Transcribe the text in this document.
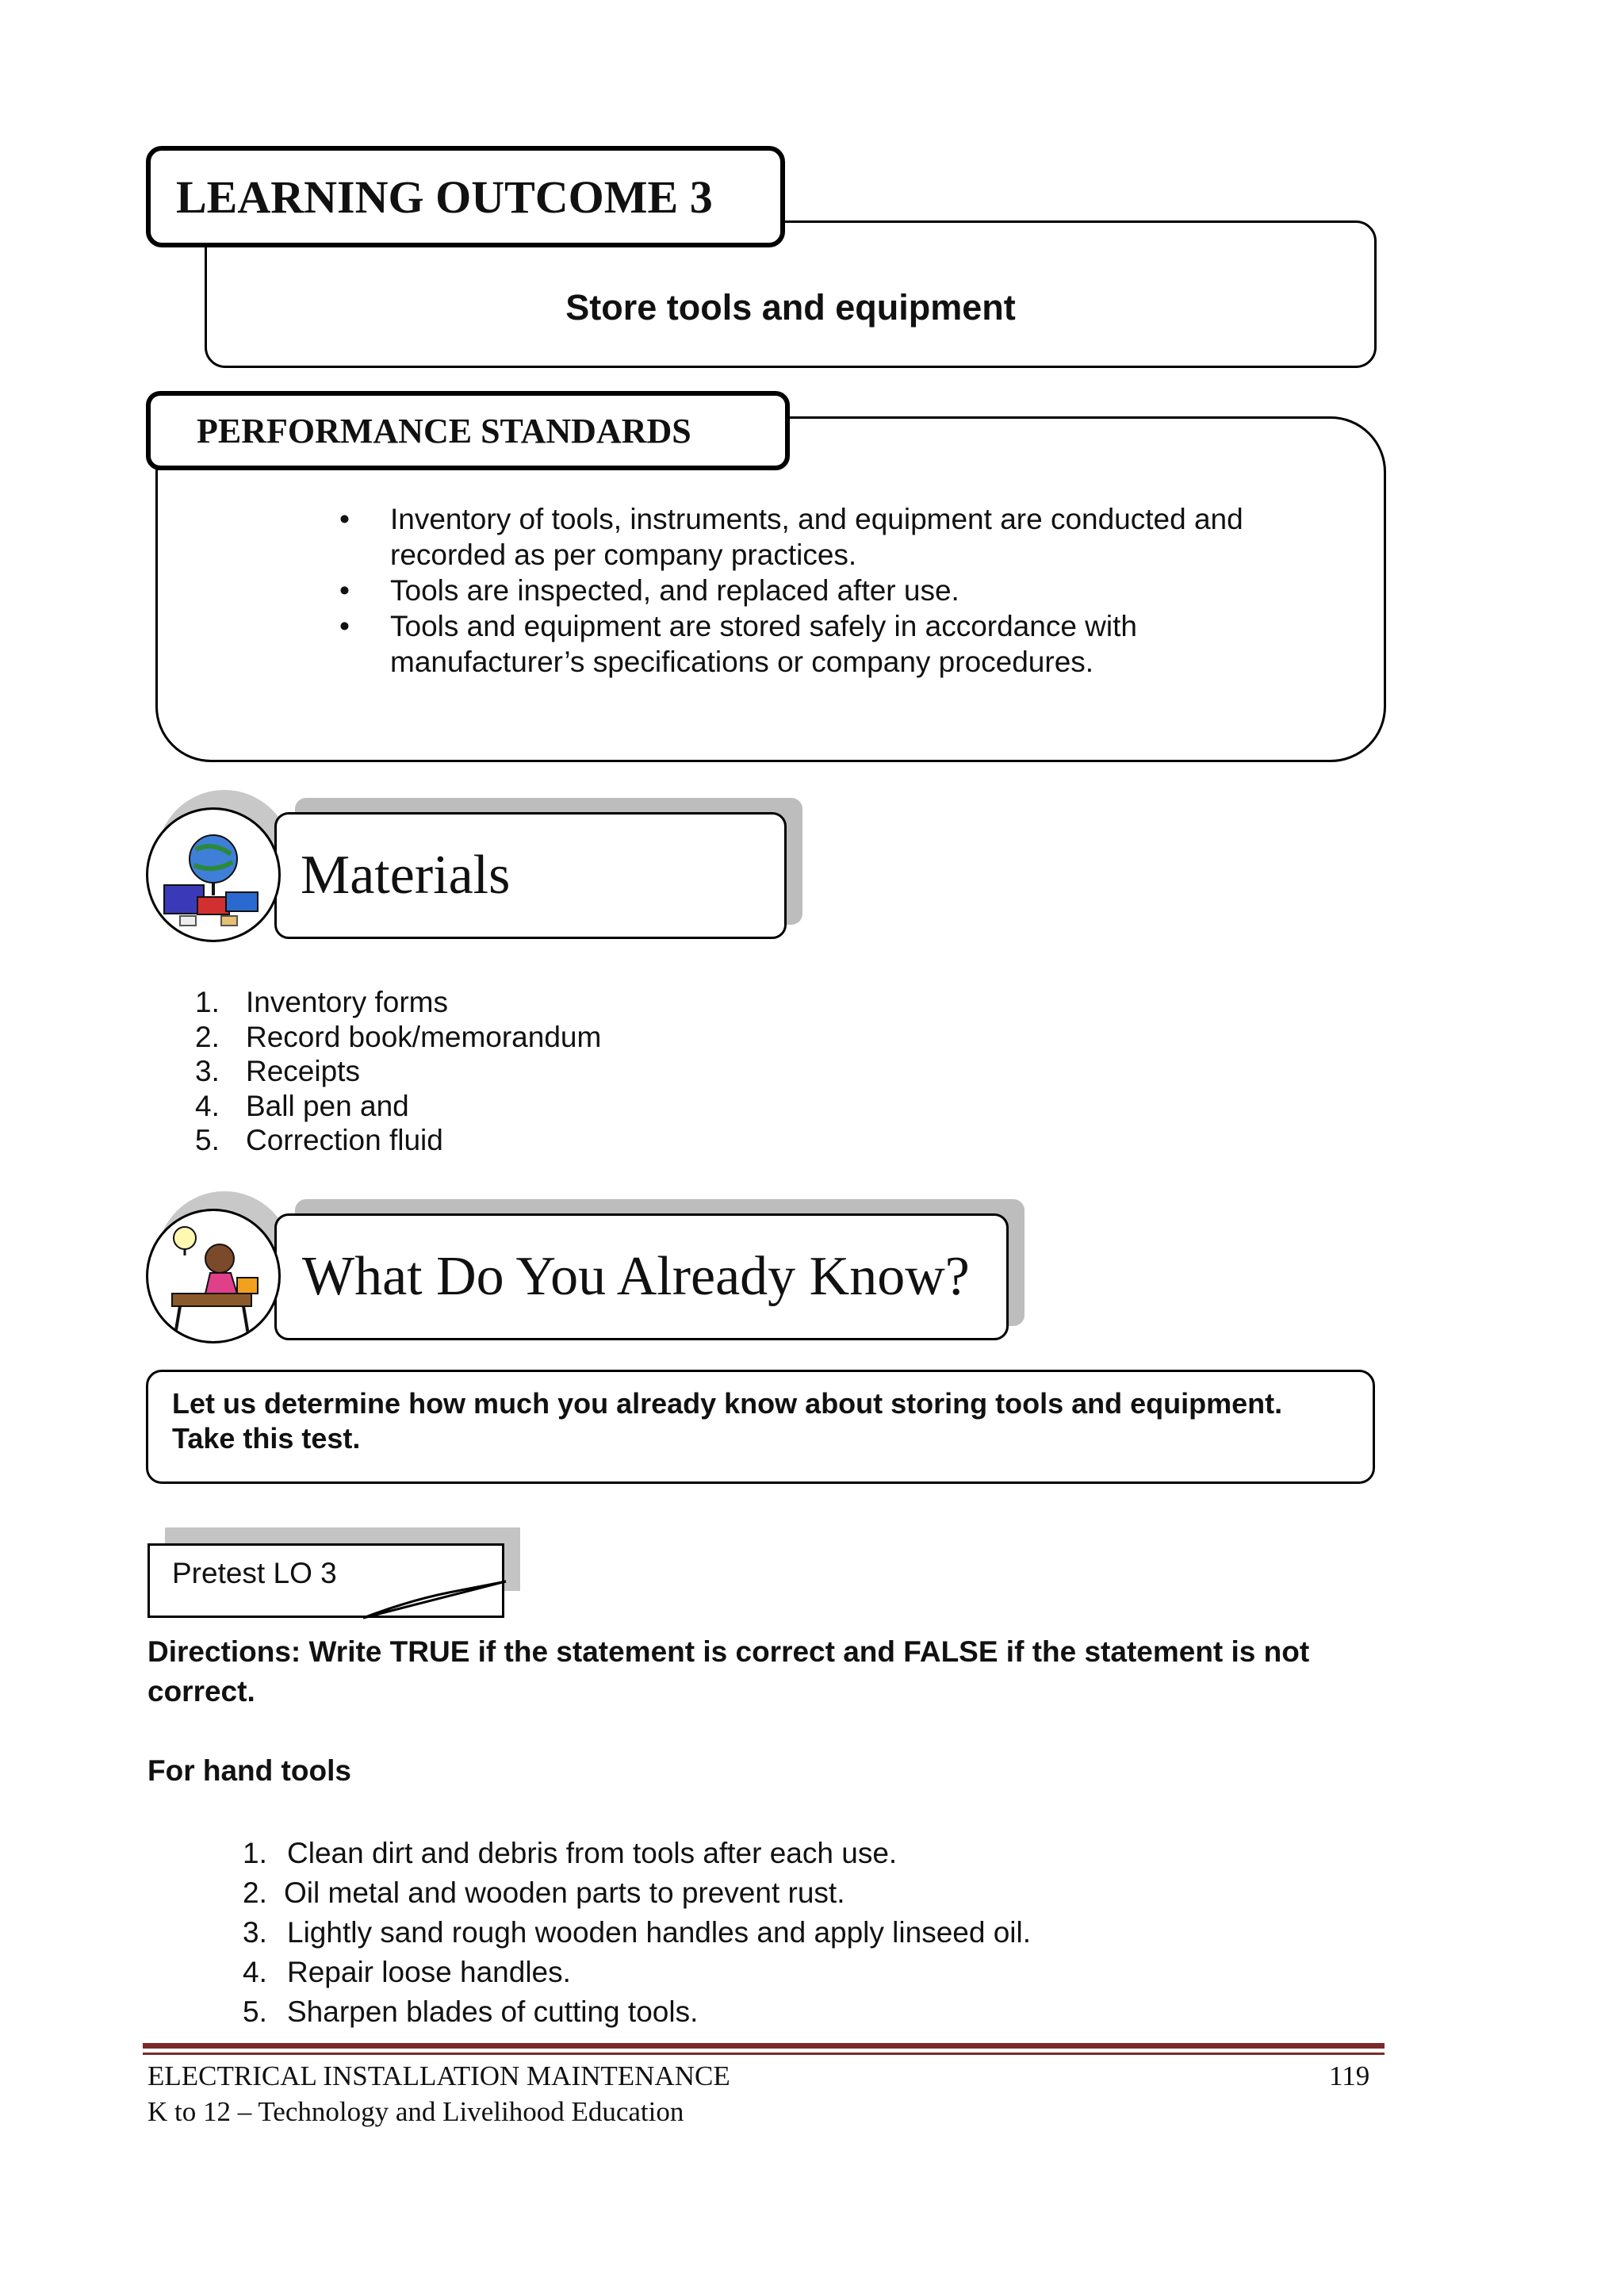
LEARNING OUTCOME 3
Store tools and equipment
PERFORMANCE STANDARDS
• Inventory of tools, instruments, and equipment are conducted and recorded as per company practices.
• Tools are inspected, and replaced after use.
• Tools and equipment are stored safely in accordance with manufacturer’s specifications or company procedures.
Materials
1. Inventory forms
2. Record book/memorandum
3. Receipts
4. Ball pen and
5. Correction fluid
What Do You Already Know?
Let us determine how much you already know about storing tools and equipment. Take this test.
Pretest LO 3
Directions: Write TRUE if the statement is correct and FALSE if the statement is not correct.
For hand tools
1. Clean dirt and debris from tools after each use.
2. Oil metal and wooden parts to prevent rust.
3. Lightly sand rough wooden handles and apply linseed oil.
4. Repair loose handles.
5. Sharpen blades of cutting tools.
ELECTRICAL INSTALLATION MAINTENANCE
K to 12 – Technology and Livelihood Education
119
